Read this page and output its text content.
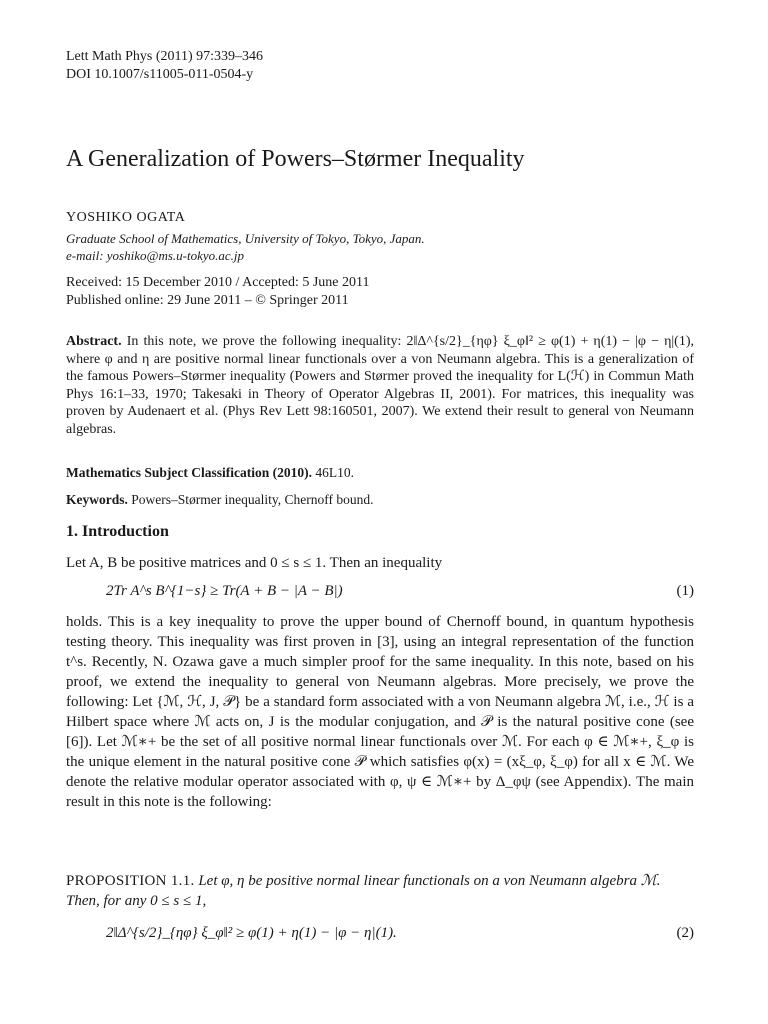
Lett Math Phys (2011) 97:339–346
DOI 10.1007/s11005-011-0504-y
A Generalization of Powers–Størmer Inequality
YOSHIKO OGATA
Graduate School of Mathematics, University of Tokyo, Tokyo, Japan.
e-mail: yoshiko@ms.u-tokyo.ac.jp
Received: 15 December 2010 / Accepted: 5 June 2011
Published online: 29 June 2011 – © Springer 2011
Abstract. In this note, we prove the following inequality: 2‖Δ^{s/2}_{ηφ} ξ_φ‖² ≥ φ(1) + η(1) − |φ − η|(1), where φ and η are positive normal linear functionals over a von Neumann algebra. This is a generalization of the famous Powers–Størmer inequality (Powers and Størmer proved the inequality for L(ℋ) in Commun Math Phys 16:1–33, 1970; Takesaki in Theory of Operator Algebras II, 2001). For matrices, this inequality was proven by Audenaert et al. (Phys Rev Lett 98:160501, 2007). We extend their result to general von Neumann algebras.
Mathematics Subject Classification (2010). 46L10.
Keywords. Powers–Størmer inequality, Chernoff bound.
1. Introduction

Let A, B be positive matrices and 0 ≤ s ≤ 1. Then an inequality

2Tr A^s B^{1−s} ≥ Tr(A + B − |A − B|)	(1)

holds. This is a key inequality to prove the upper bound of Chernoff bound, in quantum hypothesis testing theory. This inequality was first proven in [3], using an integral representation of the function t^s. Recently, N. Ozawa gave a much simpler proof for the same inequality. In this note, based on his proof, we extend the inequality to general von Neumann algebras. More precisely, we prove the following: Let {ℳ, ℋ, J, 𝒫} be a standard form associated with a von Neumann algebra ℳ, i.e., ℋ is a Hilbert space where ℳ acts on, J is the modular conjugation, and 𝒫 is the natural positive cone (see [6]). Let ℳ∗+ be the set of all positive normal linear functionals over ℳ. For each φ ∈ ℳ∗+, ξ_φ is the unique element in the natural positive cone 𝒫 which satisfies φ(x) = (xξ_φ, ξ_φ) for all x ∈ ℳ. We denote the relative modular operator associated with φ, ψ ∈ ℳ∗+ by Δ_φψ (see Appendix). The main result in this note is the following:

PROPOSITION 1.1. Let φ, η be positive normal linear functionals on a von Neumann algebra ℳ. Then, for any 0 ≤ s ≤ 1,
2‖Δ^{s/2}_{ηφ} ξ_φ‖² ≥ φ(1) + η(1) − |φ − η|(1).	(2)
